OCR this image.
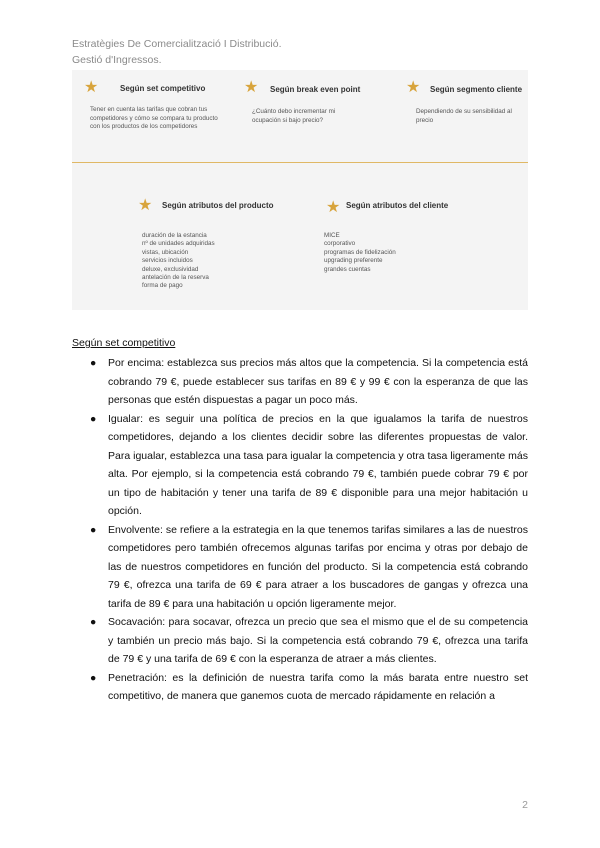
Estratègies De Comercialització I Distribució.
Gestió d'Ingressos.
★	Según set competitivo
Tener en cuenta las tarifas que cobran tus competidores y cómo se compara tu producto con los productos de los competidores
★ Según break even point
¿Cuánto debo incrementar mi ocupación si bajo precio?
★ Según segmento cliente
Dependiendo de su sensibilidad al precio
★ Según atributos del producto
duración de la estancia
nº de unidades adquiridas
vistas, ubicación
servicios incluidos
deluxe, exclusividad
antelación de la reserva
forma de pago
★ Según atributos del cliente
MICE
corporativo
programas de fidelización
upgrading preferente
grandes cuentas
Según set competitivo
● Por encima: establezca sus precios más altos que la competencia. Si la competencia está cobrando 79 €, puede establecer sus tarifas en 89 € y 99 € con la esperanza de que las personas que estén dispuestas a pagar un poco más.
● Igualar: es seguir una política de precios en la que igualamos la tarifa de nuestros competidores, dejando a los clientes decidir sobre las diferentes propuestas de valor. Para igualar, establezca una tasa para igualar la competencia y otra tasa ligeramente más alta. Por ejemplo, si la competencia está cobrando 79 €, también puede cobrar 79 € por un tipo de habitación y tener una tarifa de 89 € disponible para una mejor habitación u opción.
● Envolvente: se refiere a la estrategia en la que tenemos tarifas similares a las de nuestros competidores pero también ofrecemos algunas tarifas por encima y otras por debajo de las de nuestros competidores en función del producto. Si la competencia está cobrando 79 €, ofrezca una tarifa de 69 € para atraer a los buscadores de gangas y ofrezca una tarifa de 89 € para una habitación u opción ligeramente mejor.
● Socavación: para socavar, ofrezca un precio que sea el mismo que el de su competencia y también un precio más bajo. Si la competencia está cobrando 79 €, ofrezca una tarifa de 79 € y una tarifa de 69 € con la esperanza de atraer a más clientes.
● Penetración: es la definición de nuestra tarifa como la más barata entre nuestro set competitivo, de manera que ganemos cuota de mercado rápidamente en relación a
2
